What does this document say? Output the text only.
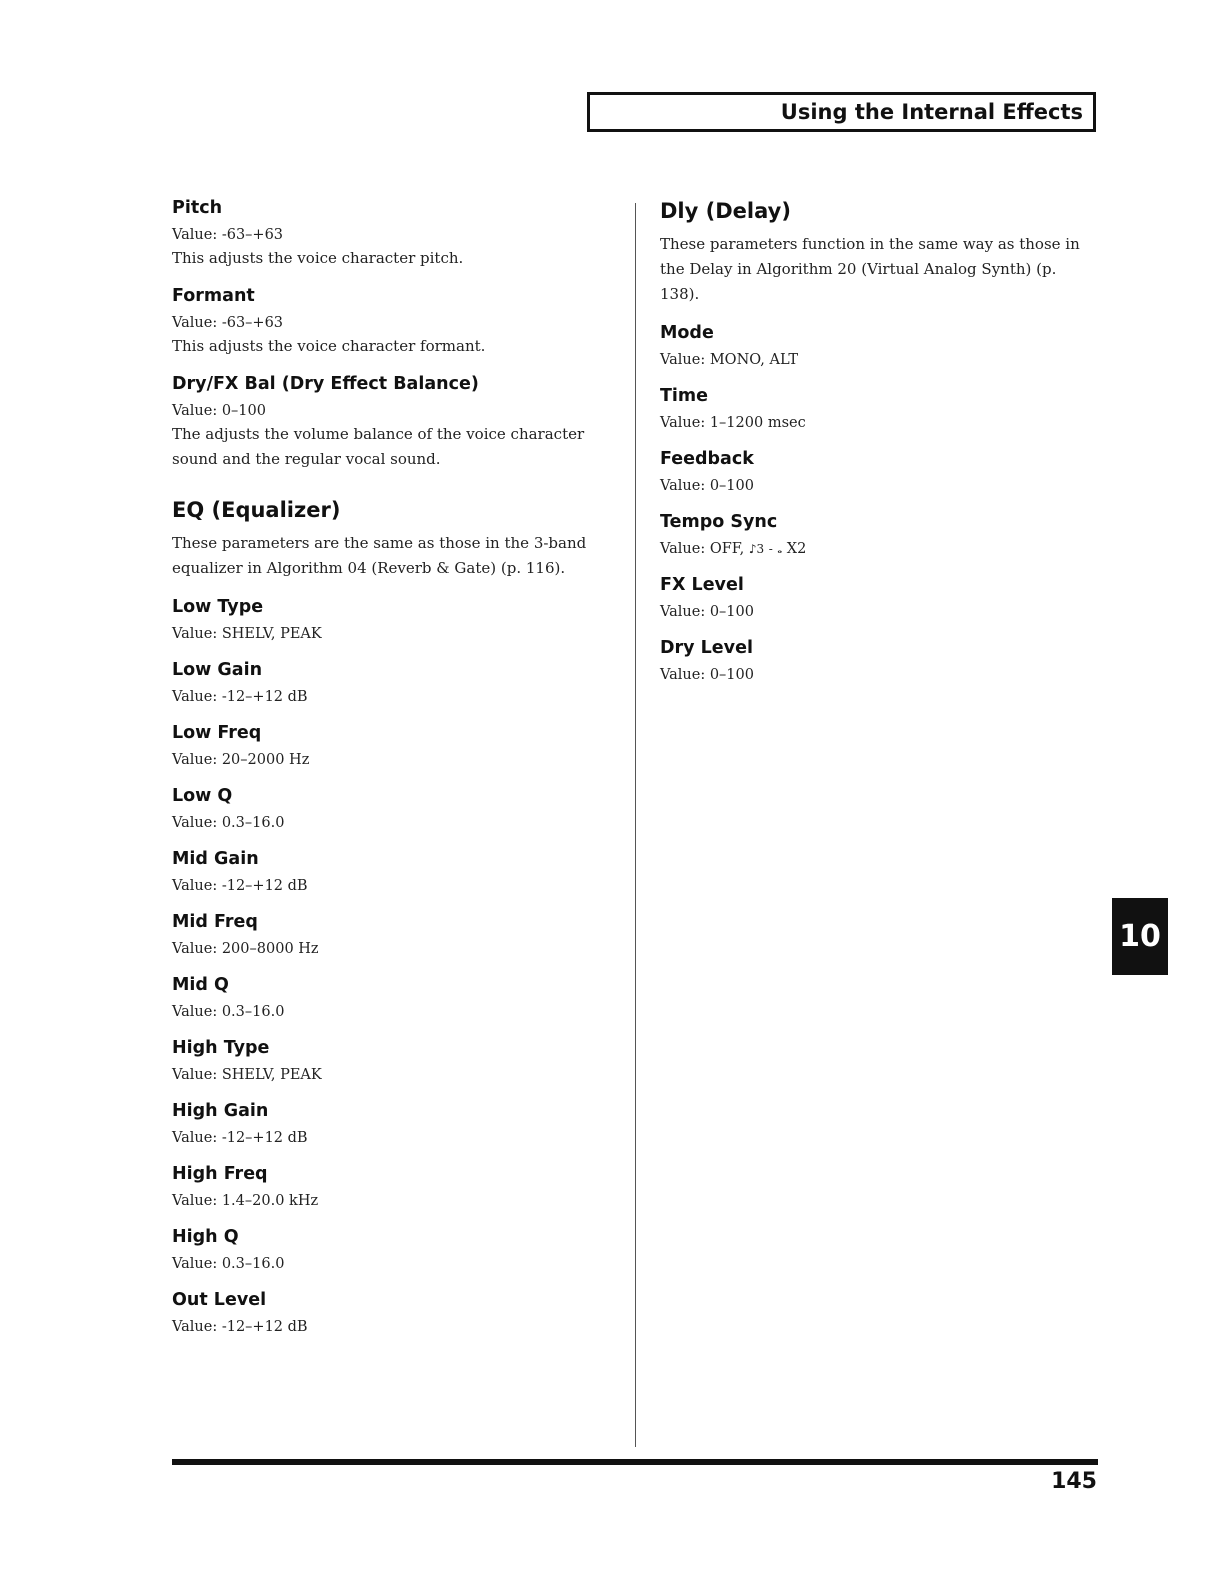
Using the Internal Effects
Pitch
Value: -63–+63
This adjusts the voice character pitch.
Formant
Value: -63–+63
This adjusts the voice character formant.
Dry/FX Bal (Dry Effect Balance)
Value: 0–100
The adjusts the volume balance of the voice character sound and the regular vocal sound.
EQ (Equalizer)
These parameters are the same as those in the 3-band equalizer in Algorithm 04 (Reverb & Gate) (p. 116).
Low Type
Value: SHELV, PEAK
Low Gain
Value: -12–+12 dB
Low Freq
Value: 20–2000 Hz
Low Q
Value: 0.3–16.0
Mid Gain
Value: -12–+12 dB
Mid Freq
Value: 200–8000 Hz
Mid Q
Value: 0.3–16.0
High Type
Value: SHELV, PEAK
High Gain
Value: -12–+12 dB
High Freq
Value: 1.4–20.0 kHz
High Q
Value: 0.3–16.0
Out Level
Value: -12–+12 dB
Dly (Delay)
These parameters function in the same way as those in the Delay in Algorithm 20 (Virtual Analog Synth) (p. 138).
Mode
Value: MONO, ALT
Time
Value: 1–1200 msec
Feedback
Value: 0–100
Tempo Sync
Value: OFF, ♪3 - 𝅝 X2
FX Level
Value: 0–100
Dry Level
Value: 0–100
10
145
